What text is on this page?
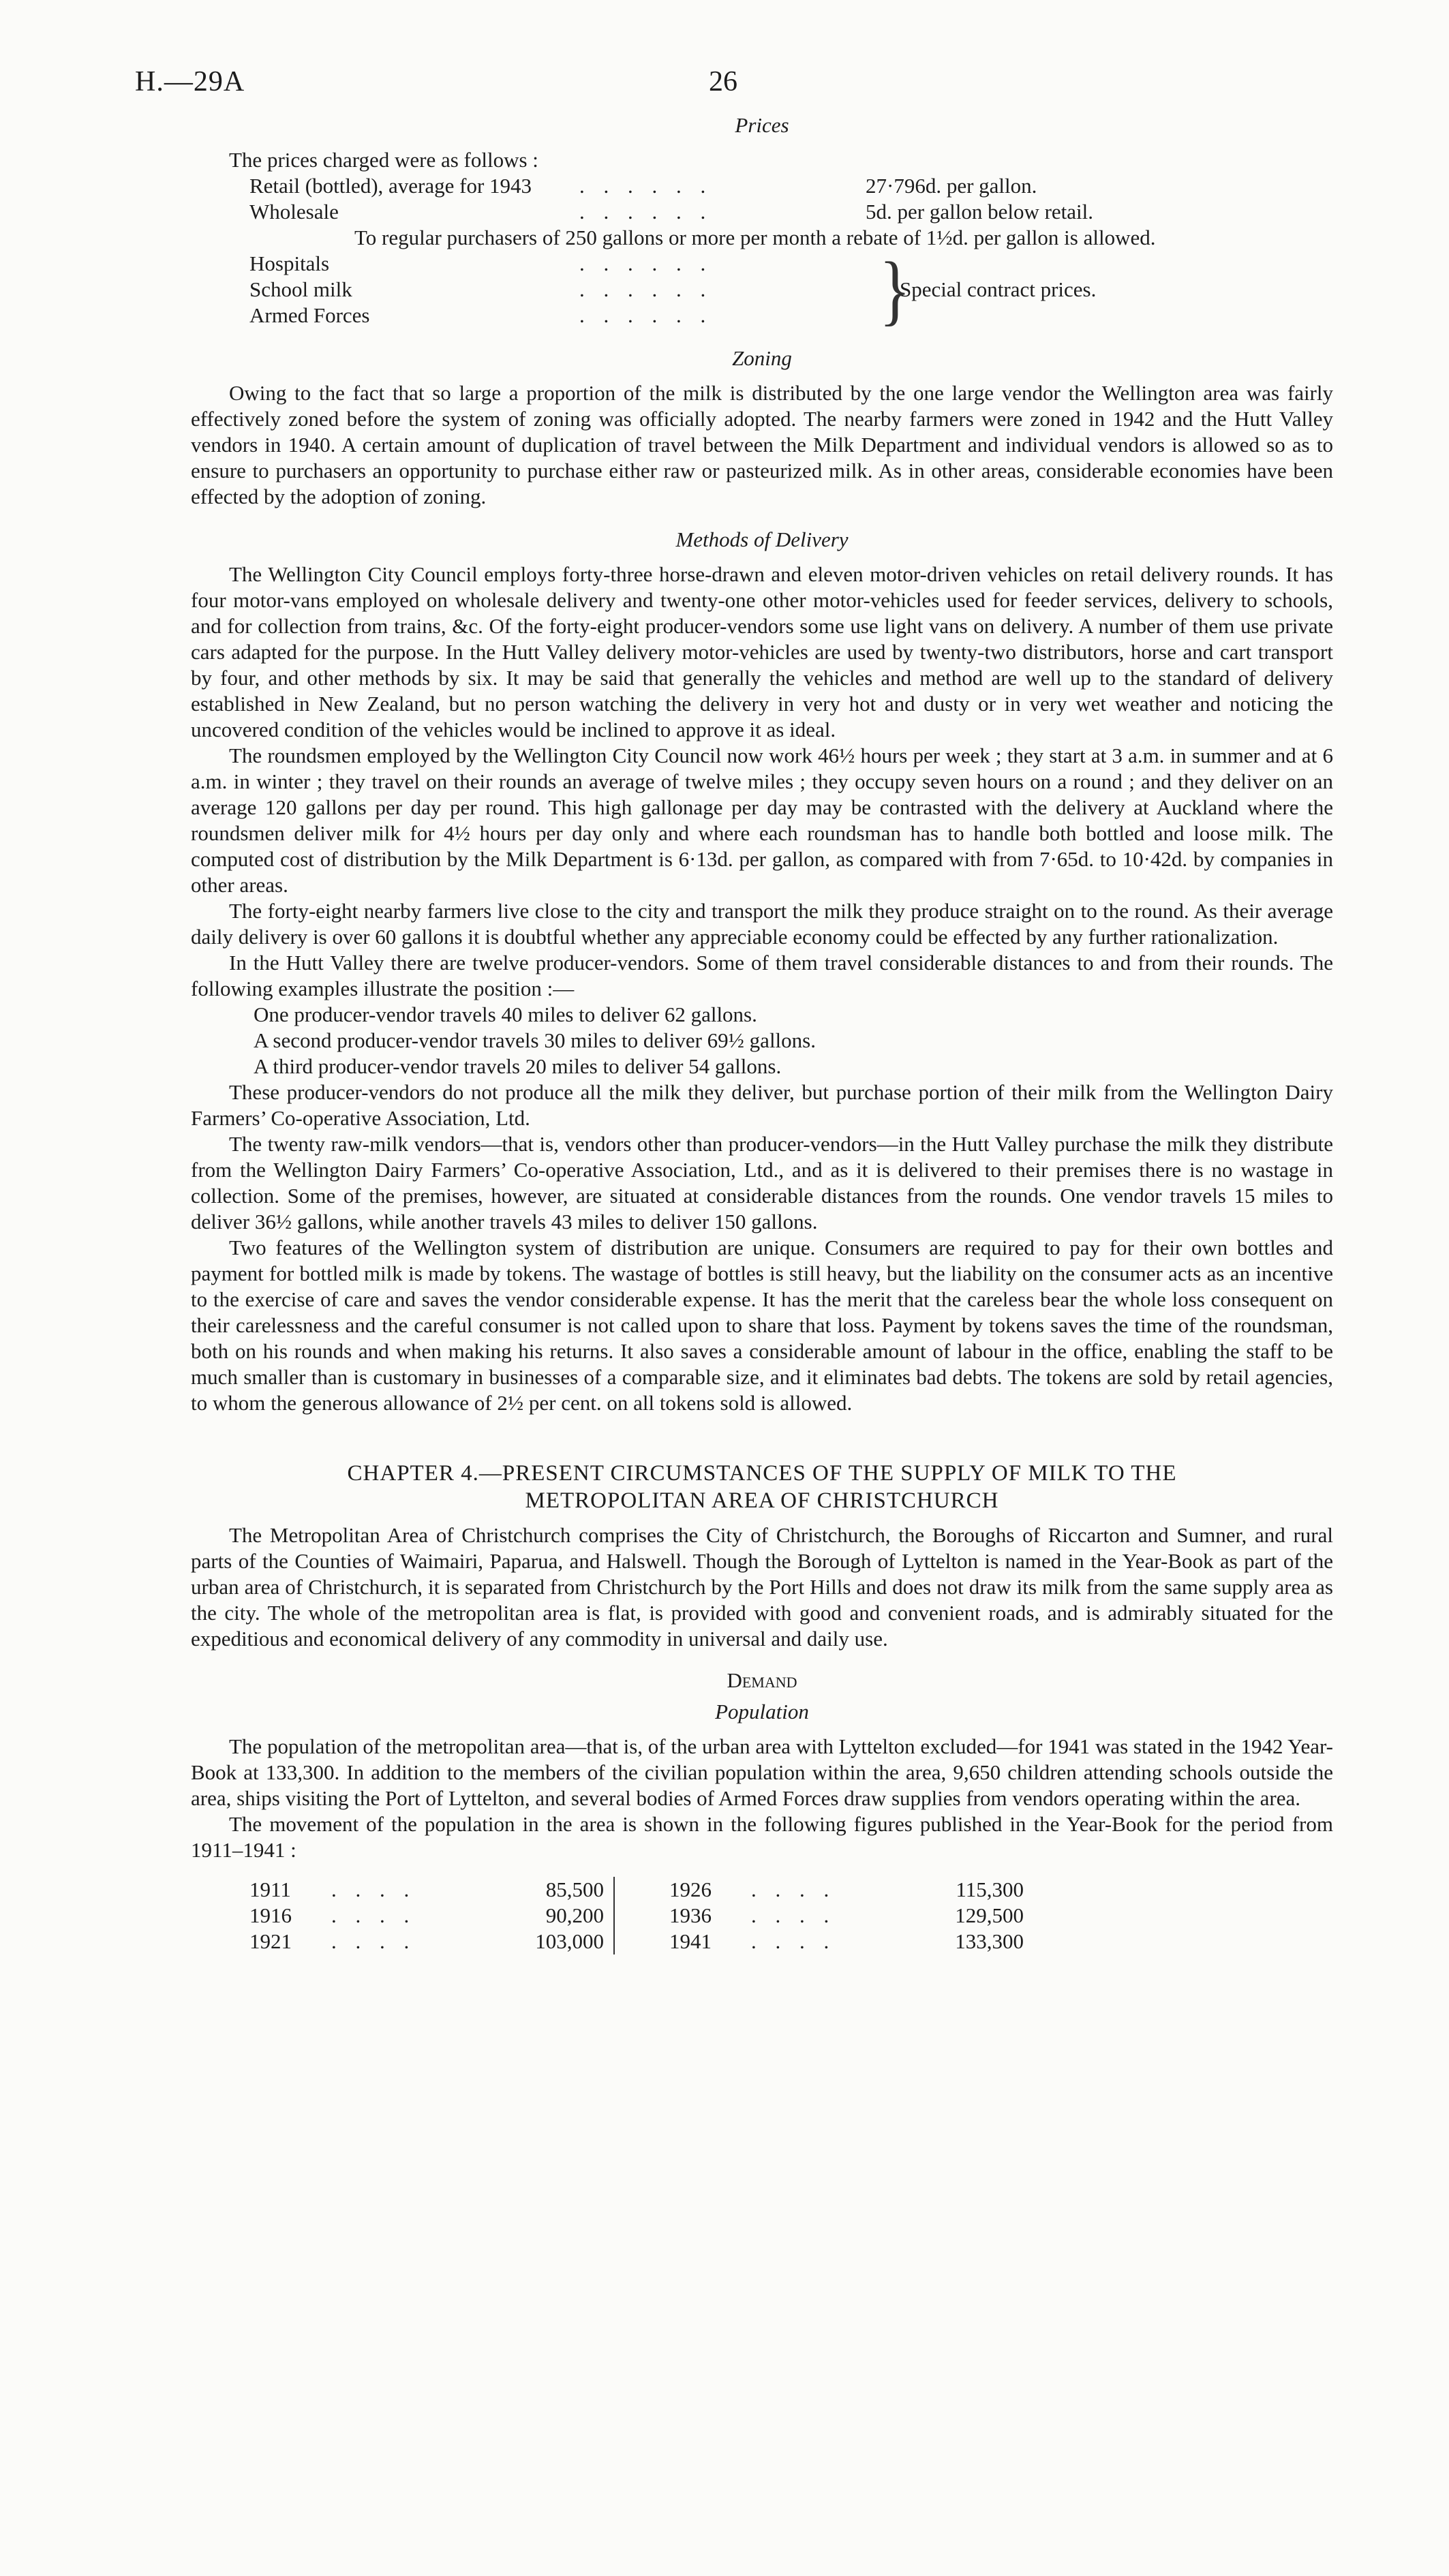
H.—29A	26
Prices
The prices charged were as follows :
Retail (bottled), average for 1943	. . . . . .	27·796d. per gallon.
Wholesale	. . . . . .	5d. per gallon below retail.

To regular purchasers of 250 gallons or more per month a rebate of 1½d. per gallon is allowed.

Hospitals	. . . . . .
School milk	. . . . . .
Armed Forces	. . . . . .	}
Special contract prices.
Zoning

Owing to the fact that so large a proportion of the milk is distributed by the one large vendor the Wellington area was fairly effectively zoned before the system of zoning was officially adopted. The nearby farmers were zoned in 1942 and the Hutt Valley vendors in 1940. A certain amount of duplication of travel between the Milk Department and individual vendors is allowed so as to ensure to purchasers an opportunity to purchase either raw or pasteurized milk. As in other areas, considerable economies have been effected by the adoption of zoning.

Methods of Delivery

The Wellington City Council employs forty-three horse-drawn and eleven motor-driven vehicles on retail delivery rounds. It has four motor-vans employed on wholesale delivery and twenty-one other motor-vehicles used for feeder services, delivery to schools, and for collection from trains, &c. Of the forty-eight producer-vendors some use light vans on delivery. A number of them use private cars adapted for the purpose. In the Hutt Valley delivery motor-vehicles are used by twenty-two distributors, horse and cart transport by four, and other methods by six. It may be said that generally the vehicles and method are well up to the standard of delivery established in New Zealand, but no person watching the delivery in very hot and dusty or in very wet weather and noticing the uncovered condition of the vehicles would be inclined to approve it as ideal.

The roundsmen employed by the Wellington City Council now work 46½ hours per week ; they start at 3 a.m. in summer and at 6 a.m. in winter ; they travel on their rounds an average of twelve miles ; they occupy seven hours on a round ; and they deliver on an average 120 gallons per day per round. This high gallonage per day may be contrasted with the delivery at Auckland where the roundsmen deliver milk for 4½ hours per day only and where each roundsman has to handle both bottled and loose milk. The computed cost of distribution by the Milk Department is 6·13d. per gallon, as compared with from 7·65d. to 10·42d. by companies in other areas.

The forty-eight nearby farmers live close to the city and transport the milk they produce straight on to the round. As their average daily delivery is over 60 gallons it is doubtful whether any appreciable economy could be effected by any further rationalization.

In the Hutt Valley there are twelve producer-vendors. Some of them travel considerable distances to and from their rounds. The following examples illustrate the position :—

One producer-vendor travels 40 miles to deliver 62 gallons.
A second producer-vendor travels 30 miles to deliver 69½ gallons.
A third producer-vendor travels 20 miles to deliver 54 gallons.

These producer-vendors do not produce all the milk they deliver, but purchase portion of their milk from the Wellington Dairy Farmers’ Co-operative Association, Ltd.

The twenty raw-milk vendors—that is, vendors other than producer-vendors—in the Hutt Valley purchase the milk they distribute from the Wellington Dairy Farmers’ Co-operative Association, Ltd., and as it is delivered to their premises there is no wastage in collection. Some of the premises, however, are situated at considerable distances from the rounds. One vendor travels 15 miles to deliver 36½ gallons, while another travels 43 miles to deliver 150 gallons.

Two features of the Wellington system of distribution are unique. Consumers are required to pay for their own bottles and payment for bottled milk is made by tokens. The wastage of bottles is still heavy, but the liability on the consumer acts as an incentive to the exercise of care and saves the vendor considerable expense. It has the merit that the careless bear the whole loss consequent on their carelessness and the careful consumer is not called upon to share that loss. Payment by tokens saves the time of the roundsman, both on his rounds and when making his returns. It also saves a considerable amount of labour in the office, enabling the staff to be much smaller than is customary in businesses of a comparable size, and it eliminates bad debts. The tokens are sold by retail agencies, to whom the generous allowance of 2½ per cent. on all tokens sold is allowed.

CHAPTER 4.—PRESENT CIRCUMSTANCES OF THE SUPPLY OF MILK TO THE
METROPOLITAN AREA OF CHRISTCHURCH

The Metropolitan Area of Christchurch comprises the City of Christchurch, the Boroughs of Riccarton and Sumner, and rural parts of the Counties of Waimairi, Paparua, and Halswell. Though the Borough of Lyttelton is named in the Year-Book as part of the urban area of Christchurch, it is separated from Christchurch by the Port Hills and does not draw its milk from the same supply area as the city. The whole of the metropolitan area is flat, is provided with good and convenient roads, and is admirably situated for the expeditious and economical delivery of any commodity in universal and daily use.

Demand
Population

The population of the metropolitan area—that is, of the urban area with Lyttelton excluded—for 1941 was stated in the 1942 Year-Book at 133,300. In addition to the members of the civilian population within the area, 9,650 children attending schools outside the area, ships visiting the Port of Lyttelton, and several bodies of Armed Forces draw supplies from vendors operating within the area.

The movement of the population in the area is shown in the following figures published in the Year-Book for the period from 1911–1941 :

1911	. . . .	85,500
1916	. . . .	90,200
1921	. . . .	103,000
1926	. . . .	115,300
1936	. . . .	129,500
1941	. . . .	133,300
